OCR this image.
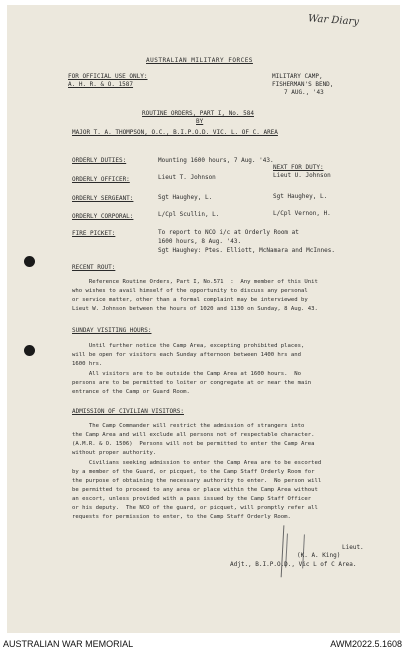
War Diary
AUSTRALIAN MILITARY FORCES
FOR OFFICIAL USE ONLY:
A. H. R. & O. 1587
MILITARY CAMP,
FISHERMAN'S BEND,
7 AUG., '43
ROUTINE ORDERS, PART I, No. 584
BY
MAJOR T. A. THOMPSON, O.C., B.I.P.O.D. VIC. L. OF C. AREA
NEXT FOR DUTY:
ORDERLY DUTIES:	Mounting 1600 hours, 7 Aug. '43.
ORDERLY OFFICER:	Lieut T. Johnson	Lieut U. Johnson
ORDERLY SERGEANT:	Sgt Haughey, L.	Sgt Haughey, L.
ORDERLY CORPORAL:	L/Cpl Scullin, L.	L/Cpl Vernon, H.
FIRE PICKET:	To report to NCO i/c at Orderly Room at
1600 hours, 8 Aug. '43.
Sgt Haughey: Ptes. Elliott, McNamara and McInnes.
RECENT ROUT:
Reference Routine Orders, Part I, No.571  :  Any member of this Unit
who wishes to avail himself of the opportunity to discuss any personal
or service matter, other than a formal complaint may be interviewed by
Lieut W. Johnson between the hours of 1020 and 1130 on Sunday, 8 Aug. 43.
SUNDAY VISITING HOURS:
Until further notice the Camp Area, excepting prohibited places,
will be open for visitors each Sunday afternoon between 1400 hrs and
1600 hrs.
All visitors are to be outside the Camp Area at 1600 hours.  No
persons are to be permitted to loiter or congregate at or near the main
entrance of the Camp or Guard Room.
ADMISSION OF CIVILIAN VISITORS:
The Camp Commander will restrict the admission of strangers into
the Camp Area and will exclude all persons not of respectable character.
(A.M.R. & O. 1506)  Persons will not be permitted to enter the Camp Area
without proper authority.
Civilians seeking admission to enter the Camp Area are to be escorted
by a member of the Guard, or picquet, to the Camp Staff Orderly Room for
the purpose of obtaining the necessary authority to enter.  No person will
be permitted to proceed to any area or place within the Camp Area without
an escort, unless provided with a pass issued by the Camp Staff Officer
or his deputy.  The NCO of the guard, or picquet, will promptly refer all
requests for permission to enter, to the Camp Staff Orderly Room.
Lieut.
(K. A. King)
Adjt., B.I.P.O.D., Vic L of C Area.
AUSTRALIAN WAR MEMORIAL	AWM2022.5.1608
